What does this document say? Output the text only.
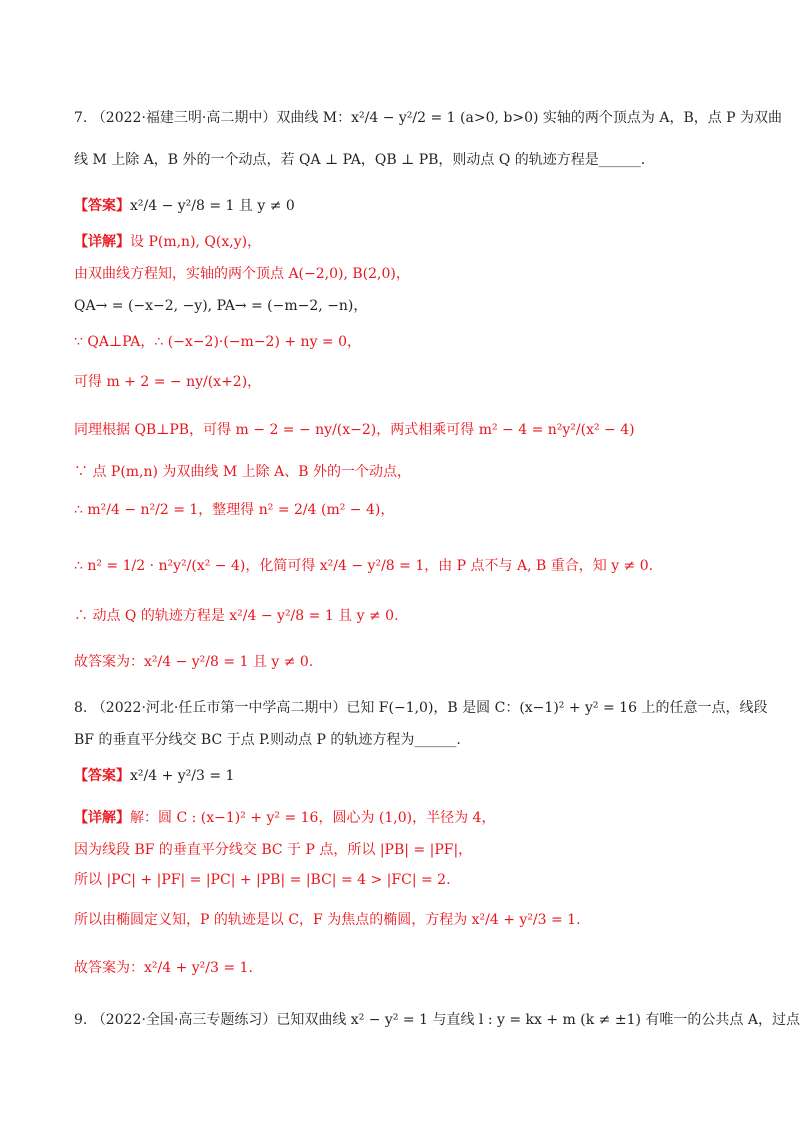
7. （2022·福建三明·高二期中）双曲线 M：x²/4 − y²/2 = 1 (a>0, b>0) 实轴的两个顶点为 A，B，点 P 为双曲
线 M 上除 A，B 外的一个动点，若 QA ⊥ PA，QB ⊥ PB，则动点 Q 的轨迹方程是______.
【答案】x²/4 − y²/8 = 1 且 y ≠ 0
【详解】设 P(m,n), Q(x,y)，
由双曲线方程知，实轴的两个顶点 A(−2,0), B(2,0)，
QA→ = (−x−2, −y), PA→ = (−m−2, −n)，
∵ QA⊥PA，∴ (−x−2)·(−m−2) + ny = 0，
可得 m + 2 = − ny/(x+2)，
同理根据 QB⊥PB，可得 m − 2 = − ny/(x−2)，两式相乘可得 m² − 4 = n²y²/(x² − 4)
∵ 点 P(m,n) 为双曲线 M 上除 A、B 外的一个动点，
∴ m²/4 − n²/2 = 1，整理得 n² = 2/4 (m² − 4)，
∴ n² = 1/2 · n²y²/(x² − 4)，化简可得 x²/4 − y²/8 = 1，由 P 点不与 A, B 重合，知 y ≠ 0.
∴ 动点 Q 的轨迹方程是 x²/4 − y²/8 = 1 且 y ≠ 0.
故答案为：x²/4 − y²/8 = 1 且 y ≠ 0.
8. （2022·河北·任丘市第一中学高二期中）已知 F(−1,0)，B 是圆 C：(x−1)² + y² = 16 上的任意一点，线段
BF 的垂直平分线交 BC 于点 P.则动点 P 的轨迹方程为______.
【答案】x²/4 + y²/3 = 1
【详解】解：圆 C : (x−1)² + y² = 16，圆心为 (1,0)，半径为 4，
因为线段 BF 的垂直平分线交 BC 于 P 点，所以 |PB| = |PF|，
所以 |PC| + |PF| = |PC| + |PB| = |BC| = 4 > |FC| = 2.
所以由椭圆定义知，P 的轨迹是以 C，F 为焦点的椭圆，方程为 x²/4 + y²/3 = 1.
故答案为：x²/4 + y²/3 = 1.
9. （2022·全国·高三专题练习）已知双曲线 x² − y² = 1 与直线 l : y = kx + m (k ≠ ±1) 有唯一的公共点 A，过点
